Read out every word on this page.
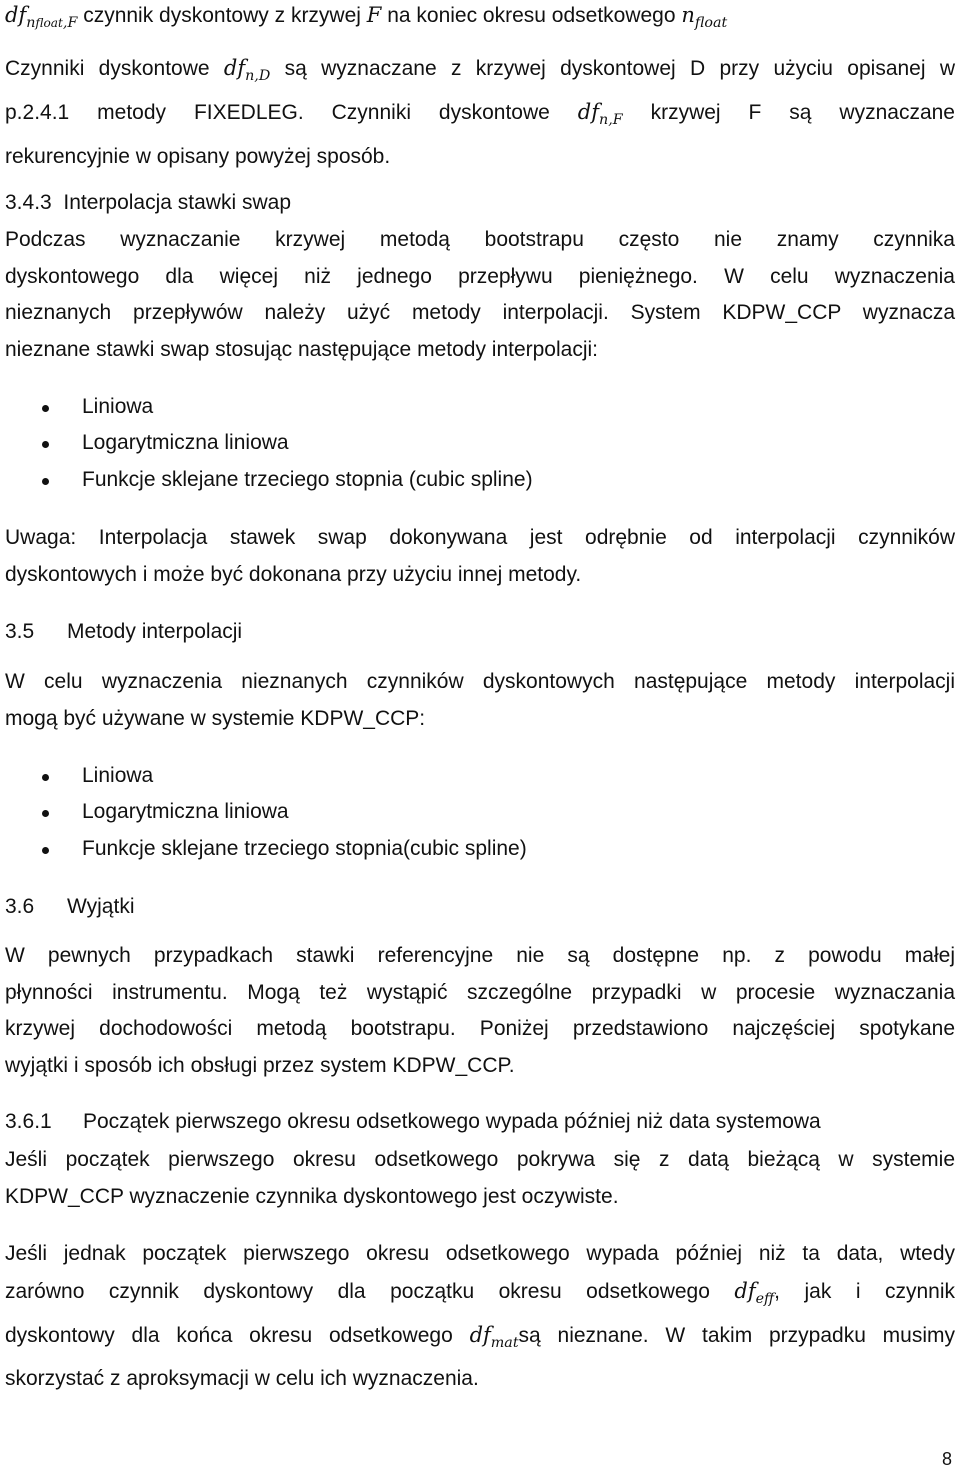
$df_{nfloat,F}$ czynnik dyskontowy z krzywej F na koniec okresu odsetkowego $n_{float}$

Czynniki dyskontowe $df_{n,D}$ są wyznaczane z krzywej dyskontowej D przy użyciu opisanej w
p.2.4.1 metody FIXEDLEG. Czynniki dyskontowe $df_{n,F}$ krzywej F są wyznaczane
rekurencyjnie w opisany powyżej sposób.

3.4.3 Interpolacja stawki swap

Podczas wyznaczanie krzywej metodą bootstrapu często nie znamy czynnika
dyskontowego dla więcej niż jednego przepływu pieniężnego. W celu wyznaczenia
nieznanych przepływów należy użyć metody interpolacji. System KDPW_CCP wyznacza
nieznane stawki swap stosując następujące metody interpolacji:

Liniowa
Logarytmiczna liniowa
Funkcje sklejane trzeciego stopnia (cubic spline)

Uwaga: Interpolacja stawek swap dokonywana jest odrębnie od interpolacji czynników
dyskontowych i może być dokonana przy użyciu innej metody.

3.5 Metody interpolacji

W celu wyznaczenia nieznanych czynników dyskontowych następujące metody interpolacji
mogą być używane w systemie KDPW_CCP:

Liniowa
Logarytmiczna liniowa
Funkcje sklejane trzeciego stopnia(cubic spline)
3.6 Wyjątki

W pewnych przypadkach stawki referencyjne nie są dostępne np. z powodu małej
płynności instrumentu. Mogą też wystąpić szczególne przypadki w procesie wyznaczania
krzywej dochodowości metodą bootstrapu. Poniżej przedstawiono najczęściej spotykane
wyjątki i sposób ich obsługi przez system KDPW_CCP.

3.6.1 Początek pierwszego okresu odsetkowego wypada później niż data systemowa

Jeśli początek pierwszego okresu odsetkowego pokrywa się z datą bieżącą w systemie
KDPW_CCP wyznaczenie czynnika dyskontowego jest oczywiste.

Jeśli jednak początek pierwszego okresu odsetkowego wypada później niż ta data, wtedy
zarówno czynnik dyskontowy dla początku okresu odsetkowego $df_{eff}$, jak i czynnik
dyskontowy dla końca okresu odsetkowego $df_{mat}są$ nieznane. W takim przypadku musimy
skorzystać z aproksymacji w celu ich wyznaczenia.

8
